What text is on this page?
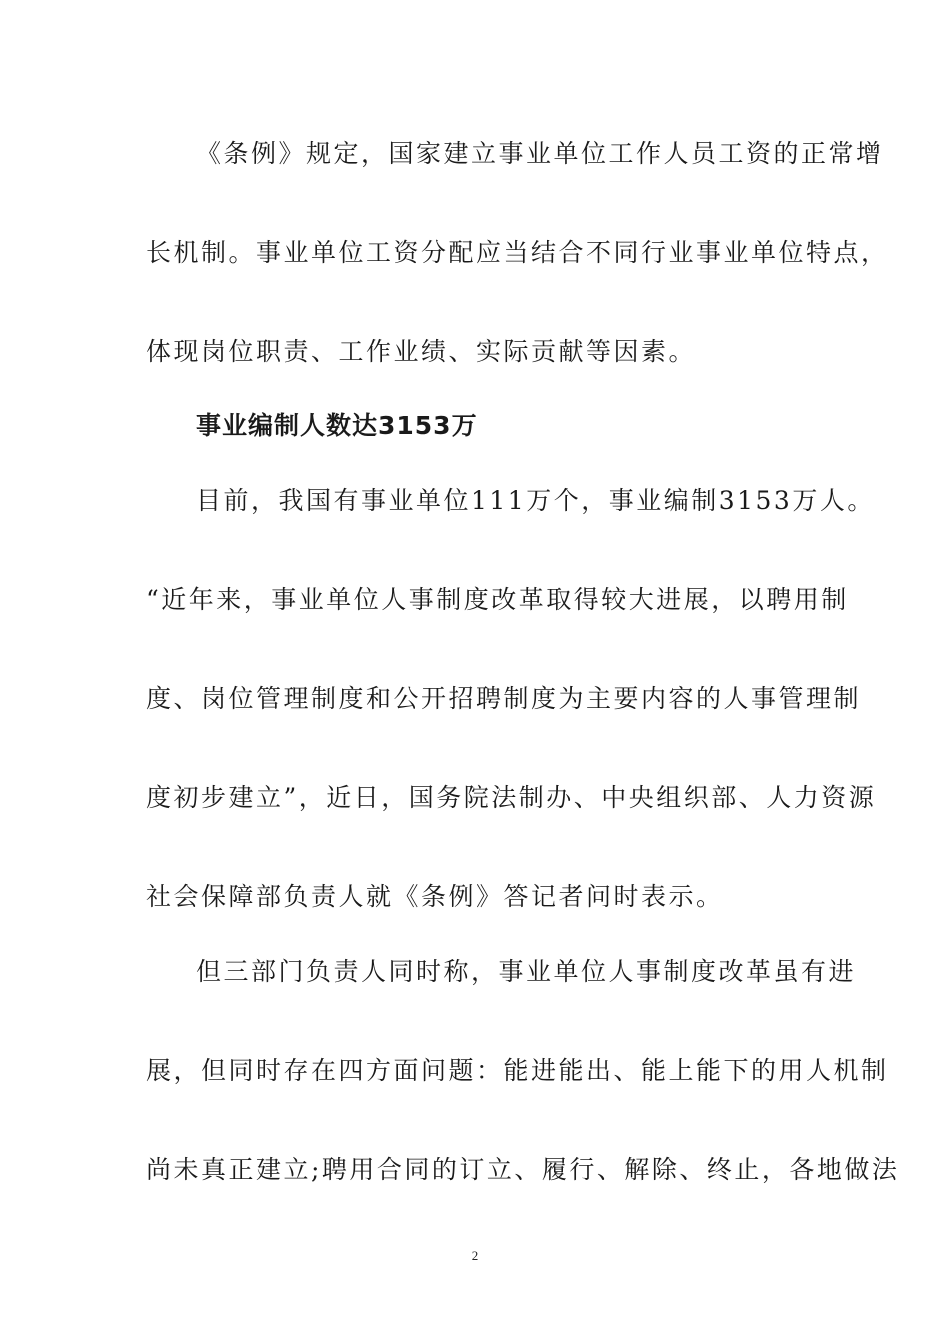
《条例》规定，国家建立事业单位工作人员工资的正常增
长机制。事业单位工资分配应当结合不同行业事业单位特点，
体现岗位职责、工作业绩、实际贡献等因素。
事业编制人数达3153万
目前，我国有事业单位111万个，事业编制3153万人。
“近年来，事业单位人事制度改革取得较大进展，以聘用制
度、岗位管理制度和公开招聘制度为主要内容的人事管理制
度初步建立”，近日，国务院法制办、中央组织部、人力资源
社会保障部负责人就《条例》答记者问时表示。
但三部门负责人同时称，事业单位人事制度改革虽有进
展，但同时存在四方面问题：能进能出、能上能下的用人机制
尚未真正建立;聘用合同的订立、履行、解除、终止，各地做法
2
